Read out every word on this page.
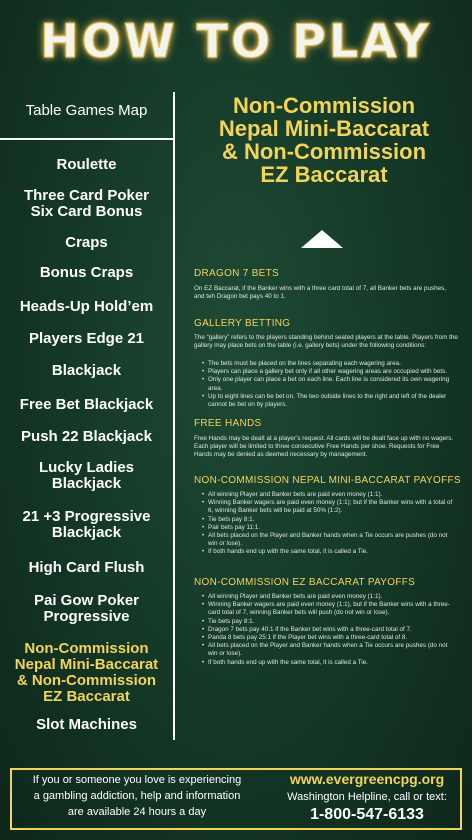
HOW TO PLAY
Table Games Map
Roulette
Three Card Poker
Six Card Bonus
Craps
Bonus Craps
Heads-Up Hold’em
Players Edge 21
Blackjack
Free Bet Blackjack
Push 22 Blackjack
Lucky Ladies
Blackjack
21 +3 Progressive
Blackjack
High Card Flush
Pai Gow Poker
Progressive
Non-Commission
Nepal Mini-Baccarat
& Non-Commission
EZ Baccarat
Slot Machines
Non-Commission
Nepal Mini-Baccarat
& Non-Commission
EZ Baccarat
DRAGON 7 BETS
On EZ Baccarat, if the Banker wins with a three card total of 7, all Banker bets are pushes, and teh Dragon bet pays 40 to 1.
GALLERY BETTING
The “gallery” refers to the players standing behind seated players at the table. Players from the gallery may place bets on the table (i.e. gallery bets) under the following conditions:
• The bets must be placed on the lines separating each wagering area.
• Players can place a gallery bet only if all other wagering areas are occupied with bets.
• Only one player can place a bet on each line. Each line is considered its own wagering area.
• Up to eight lines can be bet on. The two outside lines to the right and left of the dealer cannot be bet on by players.
FREE HANDS
Free Hands may be dealt at a player’s request. All cards will be dealt face up with no wagers. Each player will be limited to three consecutive Free Hands per shoe. Requests for Free Hands may be denied as deemed necessary by management.
NON-COMMISSION NEPAL MINI-BACCARAT PAYOFFS
• All winning Player and Banker bets are paid even money (1:1).
• Winning Banker wagers are paid even money (1:1); but if the Banker wins with a total of 6, winning Banker bets will be paid at 50% (1:2).
• Tie bets pay 8:1.
• Pair bets pay 11:1.
• All bets placed on the Player and Banker hands when a Tie occurs are pushes (do not win or lose).
• If both hands end up with the same total, it is called a Tie.
NON-COMMISSION EZ BACCARAT PAYOFFS
• All winning Player and Banker bets are paid even money (1:1).
• Winning Banker wagers are paid even money (1:1), but if the Banker wins with a three-card total of 7, winning Banker bets will push (do not win or lose).
• Tie bets pay 8:1.
• Dragon 7 bets pay 40:1 if the Banker bet wins with a three-card total of 7.
• Panda 8 bets pay 25:1 if the Player bet wins with a three-card total of 8.
• All bets placed on the Player and Banker hands when a Tie occurs are pushes (do not win or lose).
• If both hands end up with the same total, it is called a Tie.
If you or someone you love is experiencing
a gambling addiction, help and information
are available 24 hours a day
www.evergreencpg.org
Washington Helpline, call or text:
1-800-547-6133
